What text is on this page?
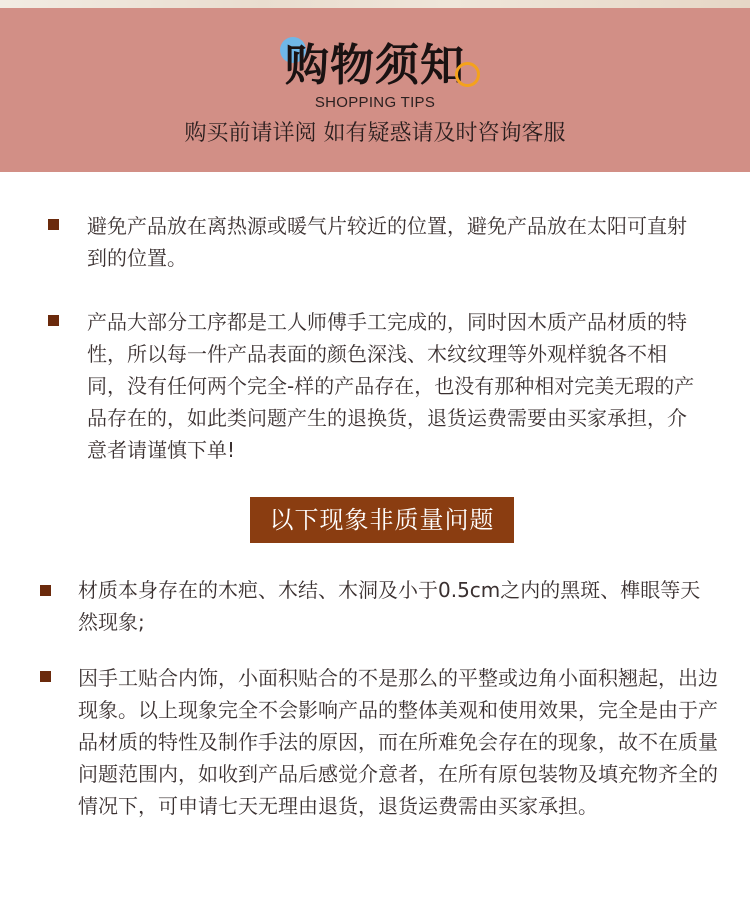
购物须知
SHOPPING TIPS
购买前请详阅 如有疑惑请及时咨询客服
避免产品放在离热源或暖气片较近的位置，避免产品放在太阳可直射到的位置。
产品大部分工序都是工人师傅手工完成的，同时因木质产品材质的特性，所以每一件产品表面的颜色深浅、木纹纹理等外观样貌各不相同，没有任何两个完全-样的产品存在，也没有那种相对完美无瑕的产品存在的，如此类问题产生的退换货，退货运费需要由买家承担，介意者请谨慎下单!
以下现象非质量问题
材质本身存在的木疤、木结、木洞及小于0.5cm之内的黑斑、榫眼等天然现象;
因手工贴合内饰，小面积贴合的不是那么的平整或边角小面积翘起，出边现象。以上现象完全不会影响产品的整体美观和使用效果，完全是由于产品材质的特性及制作手法的原因，而在所难免会存在的现象，故不在质量问题范围内，如收到产品后感觉介意者，在所有原包装物及填充物齐全的情况下，可申请七天无理由退货，退货运费需由买家承担。
